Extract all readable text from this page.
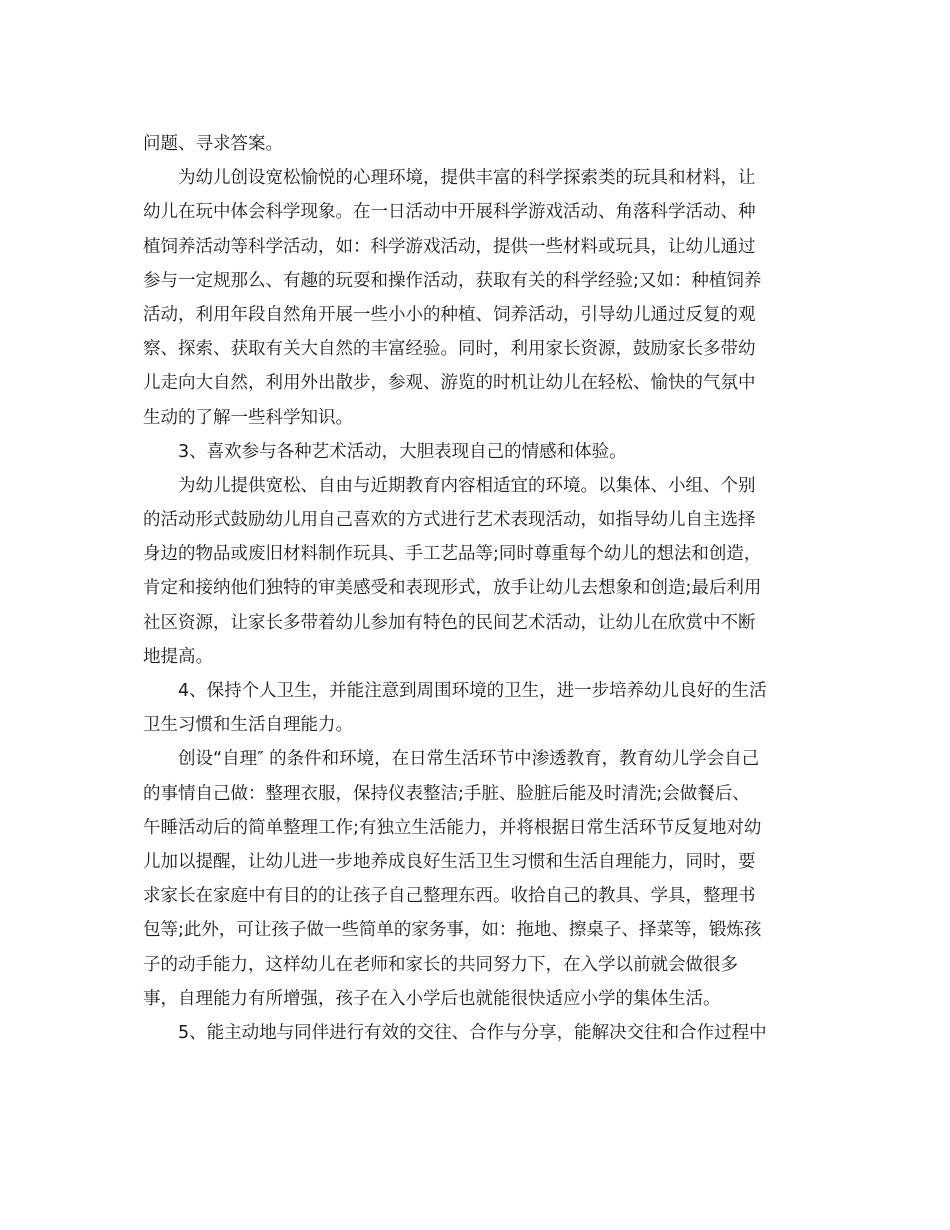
问题、寻求答案。
为幼儿创设宽松愉悦的心理环境，提供丰富的科学探索类的玩具和材料，让
幼儿在玩中体会科学现象。在一日活动中开展科学游戏活动、角落科学活动、种
植饲养活动等科学活动，如：科学游戏活动，提供一些材料或玩具，让幼儿通过
参与一定规那么、有趣的玩耍和操作活动，获取有关的科学经验;又如：种植饲养
活动，利用年段自然角开展一些小小的种植、饲养活动，引导幼儿通过反复的观
察、探索、获取有关大自然的丰富经验。同时，利用家长资源，鼓励家长多带幼
儿走向大自然，利用外出散步，参观、游览的时机让幼儿在轻松、愉快的气氛中
生动的了解一些科学知识。
3、喜欢参与各种艺术活动，大胆表现自己的情感和体验。
为幼儿提供宽松、自由与近期教育内容相适宜的环境。以集体、小组、个别
的活动形式鼓励幼儿用自己喜欢的方式进行艺术表现活动，如指导幼儿自主选择
身边的物品或废旧材料制作玩具、手工艺品等;同时尊重每个幼儿的想法和创造，
肯定和接纳他们独特的审美感受和表现形式，放手让幼儿去想象和创造;最后利用
社区资源，让家长多带着幼儿参加有特色的民间艺术活动，让幼儿在欣赏中不断
地提高。
4、保持个人卫生，并能注意到周围环境的卫生，进一步培养幼儿良好的生活
卫生习惯和生活自理能力。
创设“自理″ 的条件和环境，在日常生活环节中渗透教育，教育幼儿学会自己
的事情自己做：整理衣服，保持仪表整洁;手脏、脸脏后能及时清洗;会做餐后、
午睡活动后的简单整理工作;有独立生活能力，并将根据日常生活环节反复地对幼
儿加以提醒，让幼儿进一步地养成良好生活卫生习惯和生活自理能力，同时，要
求家长在家庭中有目的的让孩子自己整理东西。收拾自己的教具、学具，整理书
包等;此外，可让孩子做一些简单的家务事，如：拖地、擦桌子、择菜等，锻炼孩
子的动手能力，这样幼儿在老师和家长的共同努力下，在入学以前就会做很多
事，自理能力有所增强，孩子在入小学后也就能很快适应小学的集体生活。
5、能主动地与同伴进行有效的交往、合作与分享，能解决交往和合作过程中
